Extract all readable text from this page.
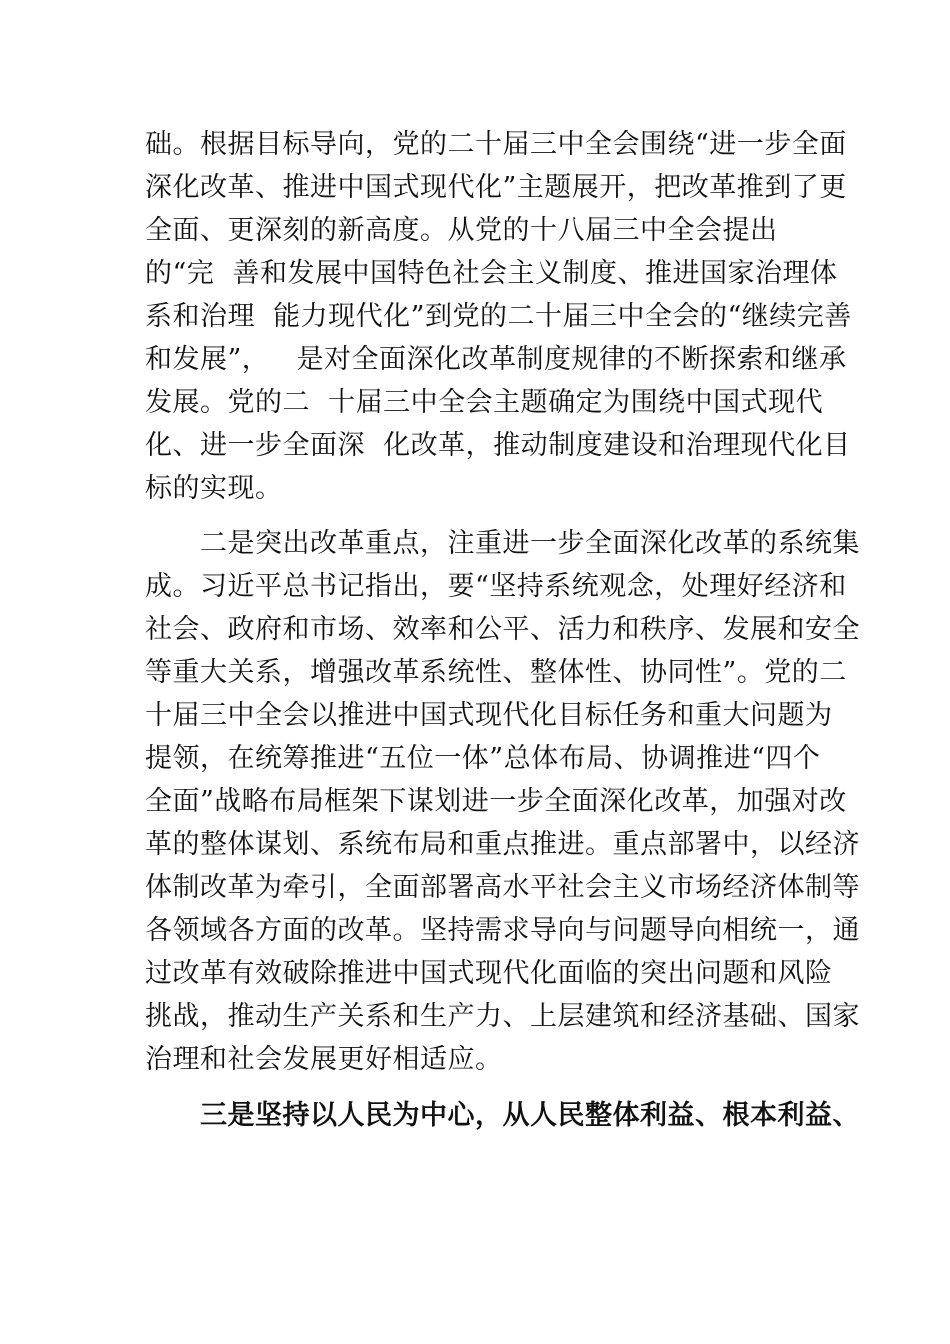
础。根据目标导向，党的二十届三中全会围绕“进一步全面
深化改革、推进中国式现代化”主题展开，把改革推到了更
全面、更深刻的新高度。从党的十八届三中全会提出
的“完  善和发展中国特色社会主义制度、推进国家治理体
系和治理  能力现代化”到党的二十届三中全会的“继续完善
和发展”，   是对全面深化改革制度规律的不断探索和继承
发展。党的二  十届三中全会主题确定为围绕中国式现代
化、进一步全面深  化改革，推动制度建设和治理现代化目
标的实现。
二是突出改革重点，注重进一步全面深化改革的系统集
成。习近平总书记指出，要“坚持系统观念，处理好经济和
社会、政府和市场、效率和公平、活力和秩序、发展和安全
等重大关系，增强改革系统性、整体性、协同性”。党的二
十届三中全会以推进中国式现代化目标任务和重大问题为
提领，在统筹推进“五位一体”总体布局、协调推进“四个
全面”战略布局框架下谋划进一步全面深化改革，加强对改
革的整体谋划、系统布局和重点推进。重点部署中，以经济
体制改革为牵引，全面部署高水平社会主义市场经济体制等
各领域各方面的改革。坚持需求导向与问题导向相统一，通
过改革有效破除推进中国式现代化面临的突出问题和风险
挑战，推动生产关系和生产力、上层建筑和经济基础、国家
治理和社会发展更好相适应。
三是坚持以人民为中心，从人民整体利益、根本利益、
